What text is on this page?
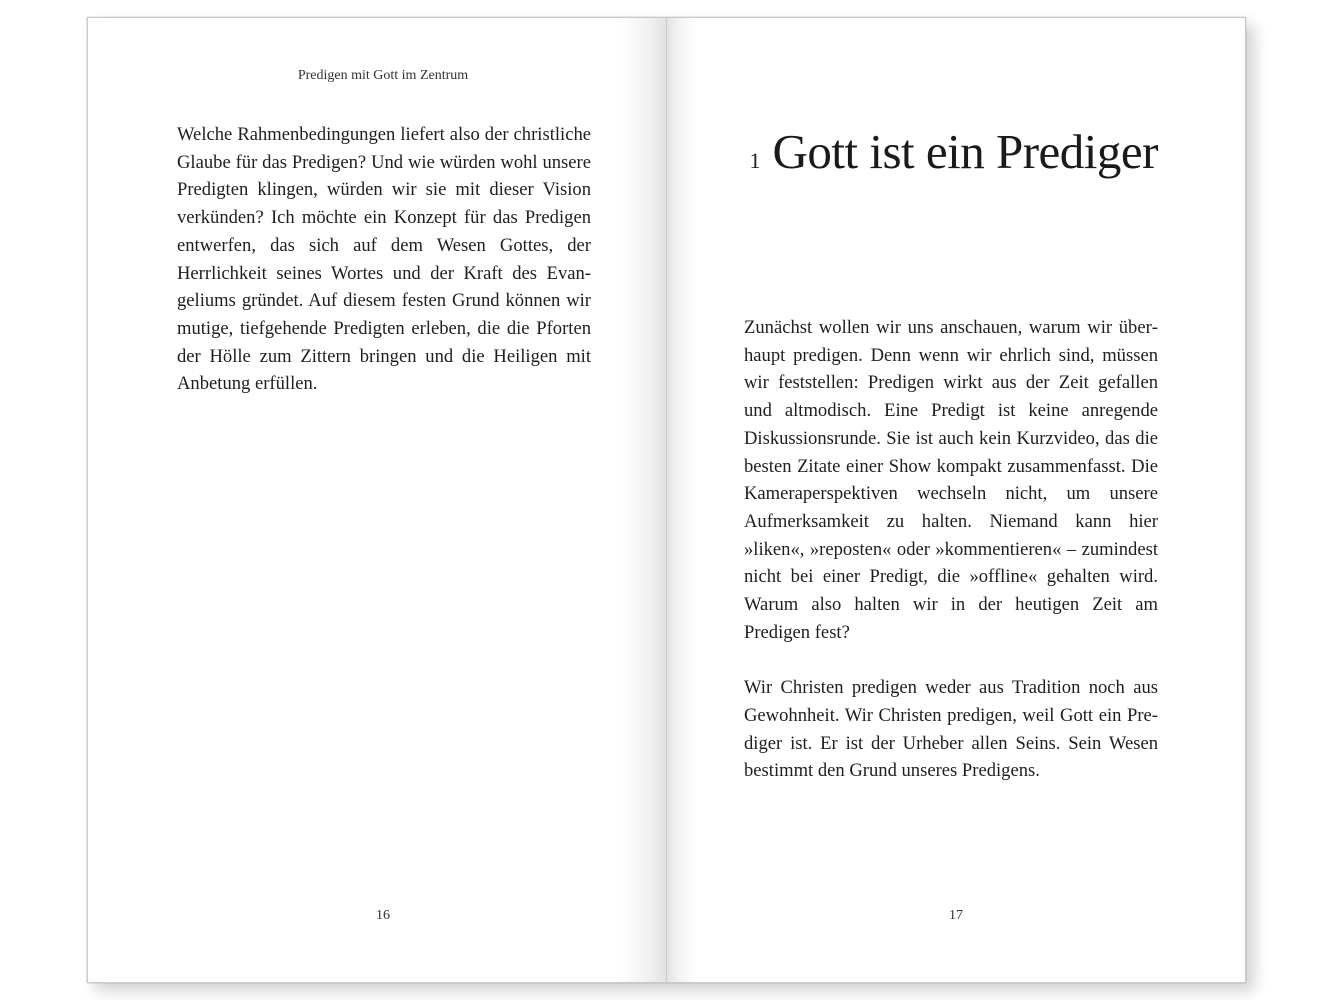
Predigen mit Gott im Zentrum

Welche Rahmenbedingungen liefert also der christliche Glaube für das Predigen? Und wie würden wohl unsere Predigten klingen, würden wir sie mit dieser Vision verkünden? Ich möchte ein Konzept für das Predigen entwerfen, das sich auf dem Wesen Gottes, der Herrlichkeit seines Wortes und der Kraft des Evangeliums gründet. Auf diesem festen Grund können wir mutige, tiefgehende Predigten erleben, die die Pforten der Hölle zum Zittern bringen und die Heiligen mit Anbetung erfüllen.

16
1 Gott ist ein Prediger

Zunächst wollen wir uns anschauen, warum wir überhaupt predigen. Denn wenn wir ehrlich sind, müssen wir feststellen: Predigen wirkt aus der Zeit gefallen und altmodisch. Eine Predigt ist keine anregende Diskussionsrunde. Sie ist auch kein Kurzvideo, das die besten Zitate einer Show kompakt zusammenfasst. Die Kameraperspektiven wechseln nicht, um unsere Aufmerksamkeit zu halten. Niemand kann hier »liken«, »reposten« oder »kommentieren« – zumindest nicht bei einer Predigt, die »offline« gehalten wird. Warum also halten wir in der heutigen Zeit am Predigen fest?

Wir Christen predigen weder aus Tradition noch aus Gewohnheit. Wir Christen predigen, weil Gott ein Prediger ist. Er ist der Urheber allen Seins. Sein Wesen bestimmt den Grund unseres Predigens.

17
